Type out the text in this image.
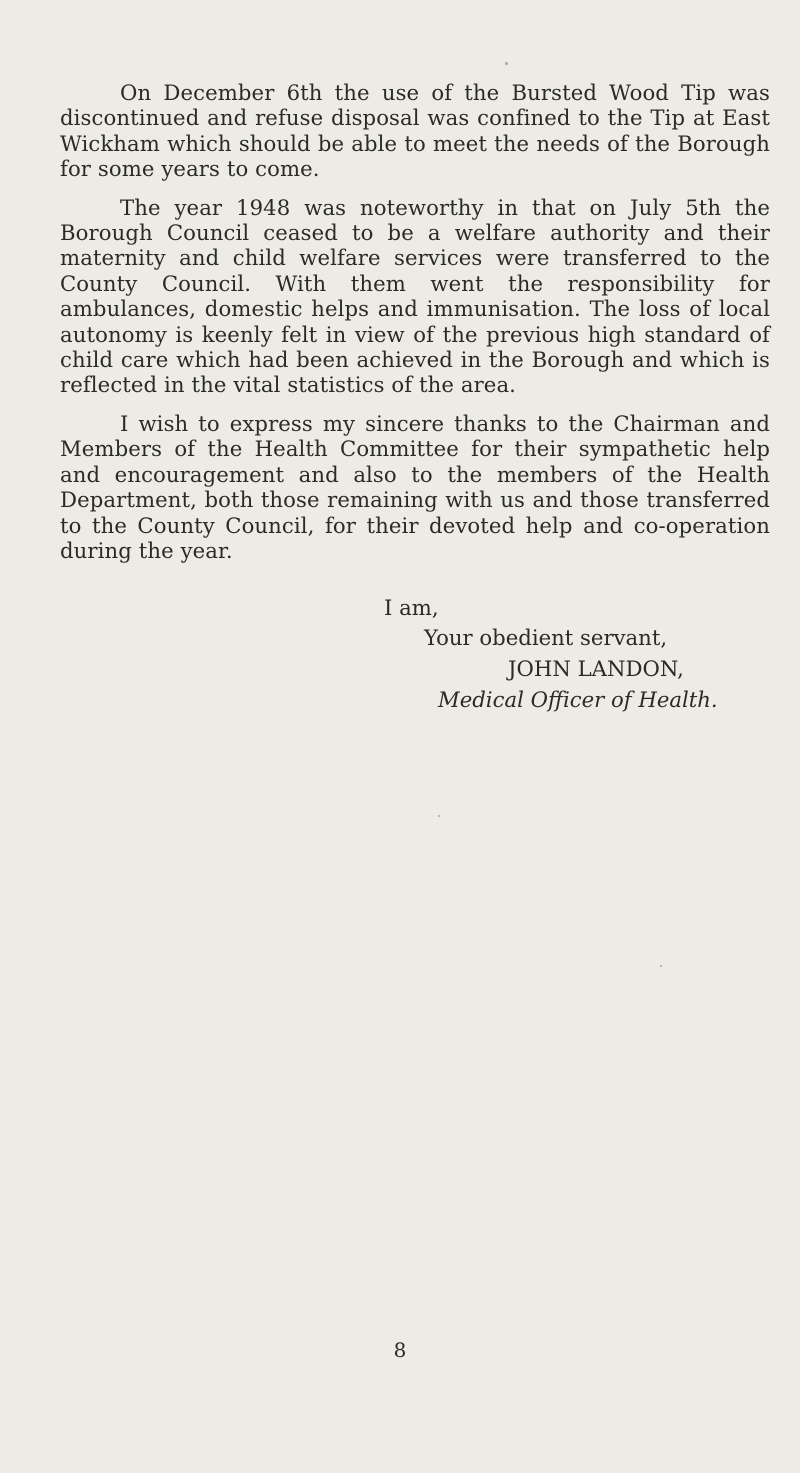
On December 6th the use of the Bursted Wood Tip was discontinued and refuse disposal was confined to the Tip at East Wickham which should be able to meet the needs of the Borough for some years to come.

The year 1948 was noteworthy in that on July 5th the Borough Council ceased to be a welfare authority and their maternity and child welfare services were transferred to the County Council. With them went the responsibility for ambulances, domestic helps and immunisation. The loss of local autonomy is keenly felt in view of the previous high standard of child care which had been achieved in the Borough and which is reflected in the vital statistics of the area.

I wish to express my sincere thanks to the Chairman and Members of the Health Committee for their sympathetic help and encouragement and also to the members of the Health Department, both those remaining with us and those transferred to the County Council, for their devoted help and co-operation during the year.

I am,
Your obedient servant,
JOHN LANDON,
Medical Officer of Health.
8
